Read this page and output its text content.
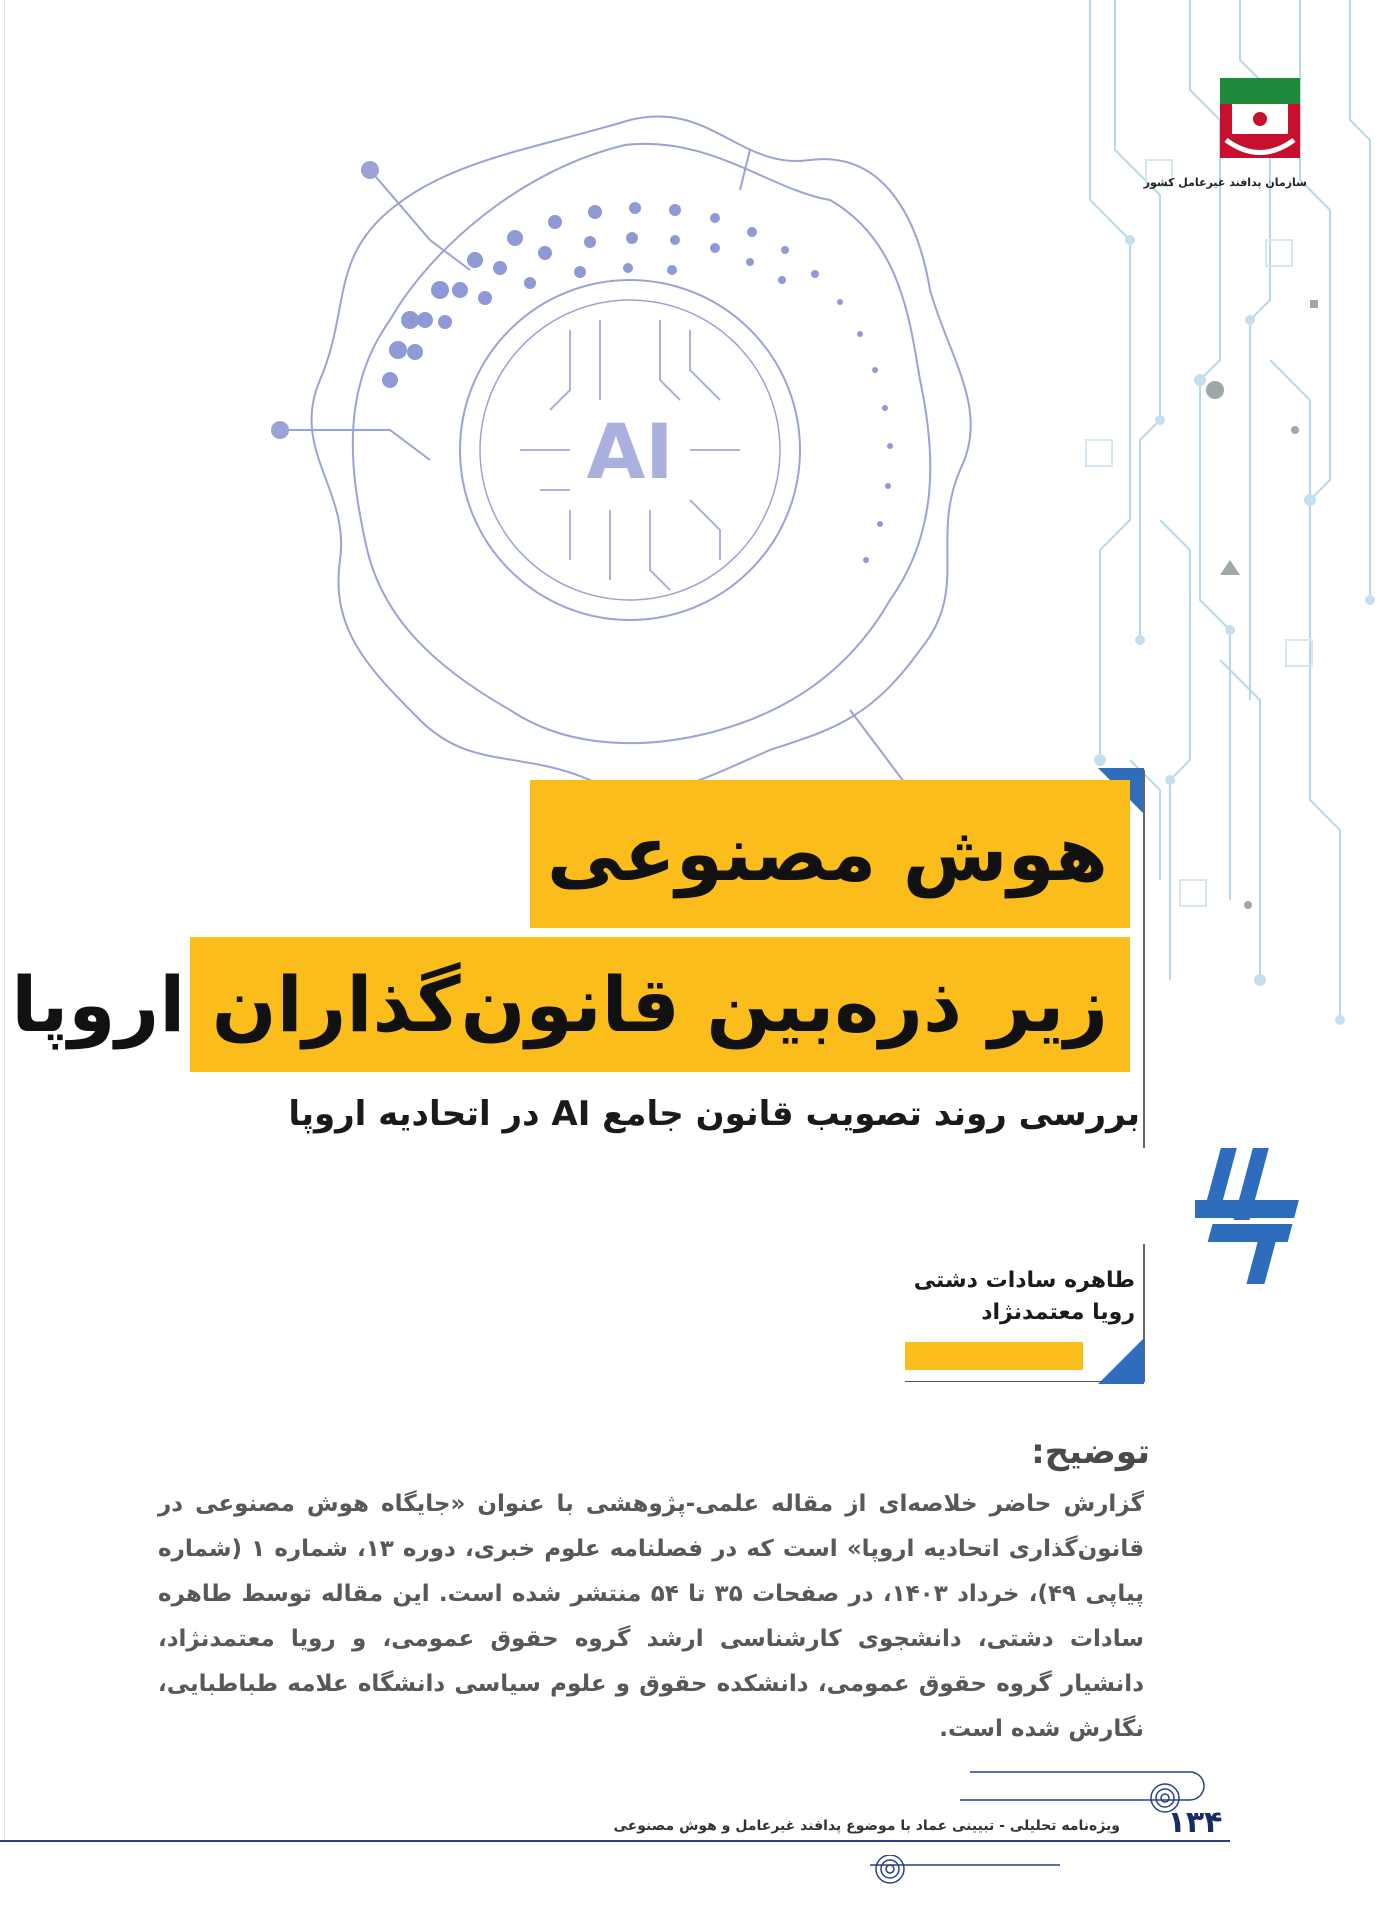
سازمان پدافند غیرعامل کشور
AI
هوش مصنوعی
زیر ذره‌بین قانون‌گذاران اروپا
بررسی روند تصویب قانون جامع AI در اتحادیه اروپا
عماد
طاهره سادات دشتی
رویا معتمدنژاد
توضیح:
گزارش حاضر خلاصه‌ای از مقاله علمی-پژوهشی با عنوان «جایگاه هوش مصنوعی در قانون‌گذاری اتحادیه اروپا» است که در فصلنامه علوم خبری، دوره ۱۳، شماره ۱ (شماره پیاپی ۴۹)، خرداد ۱۴۰۳، در صفحات ۳۵ تا ۵۴ منتشر شده است. این مقاله توسط طاهره سادات دشتی، دانشجوی کارشناسی ارشد گروه حقوق عمومی، و رویا معتمدنژاد، دانشیار گروه حقوق عمومی، دانشکده حقوق و علوم سیاسی دانشگاه علامه طباطبایی، نگارش شده است.
ویژه‌نامه تحلیلی - تبیینی عماد با موضوع پدافند غیرعامل و هوش مصنوعی ۱۳۴
